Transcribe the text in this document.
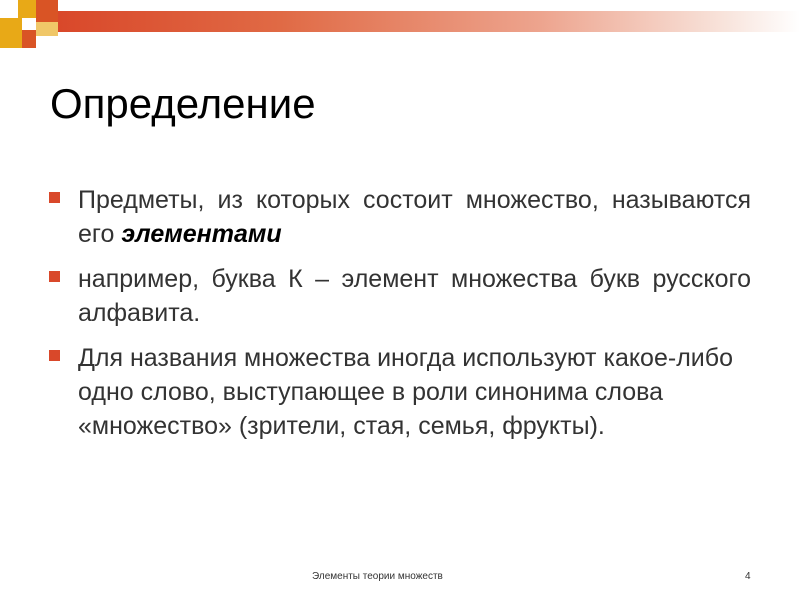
Определение
Предметы, из которых состоит множество, называются его элементами
например, буква К – элемент множества букв русского алфавита.
Для названия множества иногда используют какое-либо одно слово, выступающее в роли синонима слова «множество» (зрители, стая, семья, фрукты).
Элементы теории множеств	4
